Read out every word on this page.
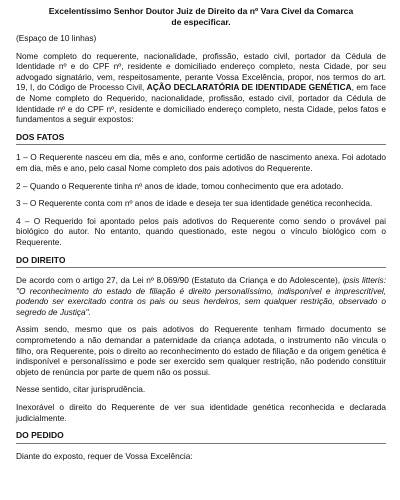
Excelentíssimo Senhor Doutor Juiz de Direito da nº Vara Civel da Comarca
de especificar.

(Espaço de 10 linhas)

Nome completo do requerente, nacionalidade, profissão, estado civil, portador da Cédula de Identidade nº e do CPF nº, residente e domiciliado endereço completo, nesta Cidade, por seu advogado signatário, vem, respeitosamente, perante Vossa Excelência, propor, nos termos do art. 19, I, do Código de Processo Civil, AÇÃO DECLARATÓRIA DE IDENTIDADE GENÉTICA, em face de Nome completo do Requerido, nacionalidade, profissão, estado civil, portador da Cédula de Identidade nº e do CPF nº, residente e domiciliado endereço completo, nesta Cidade, pelos fatos e fundamentos a seguir expostos:

DOS FATOS

1 – O Requerente nasceu em dia, mês e ano, conforme certidão de nascimento anexa. Foi adotado em dia, mês e ano, pelo casal Nome completo dos pais adotivos do Requerente.

2 – Quando o Requerente tinha nº anos de idade, tomou conhecimento que era adotado.

3 – O Requerente conta com nº anos de idade e deseja ter sua identidade genética reconhecida.

4 – O Requerido foi apontado pelos pais adotivos do Requerente como sendo o provável pai biológico do autor. No entanto, quando questionado, este negou o vínculo biológico com o Requerente.

DO DIREITO

De acordo com o artigo 27, da Lei nº 8.069/90 (Estatuto da Criança e do Adolescente), ipsis litteris: "O reconhecimento do estado de filiação é direito personalíssimo, indisponível e imprescritível, podendo ser exercitado contra os pais ou seus herdeiros, sem qualquer restrição, observado o segredo de Justiça".

Assim sendo, mesmo que os pais adotivos do Requerente tenham firmado documento se comprometendo a não demandar a paternidade da criança adotada, o instrumento não vincula o filho, ora Requerente, pois o direito ao reconhecimento do estado de filiação e da origem genética é indisponível e personalíssimo e pode ser exercido sem qualquer restrição, não podendo constituir objeto de renúncia por parte de quem não os possui.

Nesse sentido, citar jurisprudência.

Inexorável o direito do Requerente de ver sua identidade genética reconhecida e declarada judicialmente.

DO PEDIDO

Diante do exposto, requer de Vossa Excelência:
